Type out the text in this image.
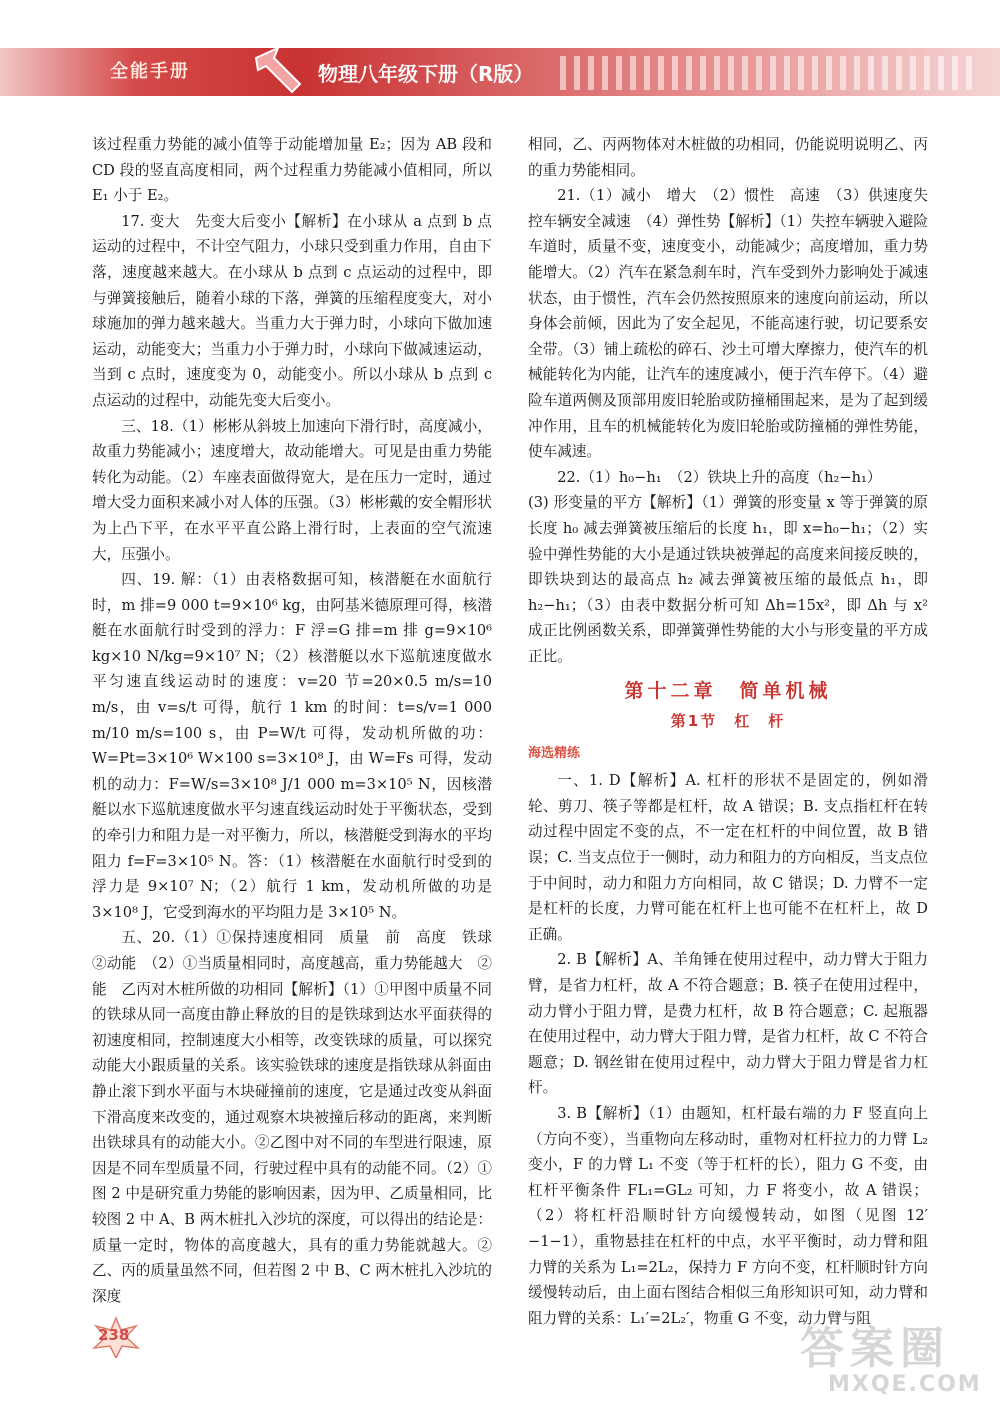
全能手册	物理八年级下册（R版）

该过程重力势能的减小值等于动能增加量 E₂；因为 AB 段和 CD 段的竖直高度相同，两个过程重力势能减小值相同，所以 E₁ 小于 E₂。

17. 变大　先变大后变小【解析】在小球从 a 点到 b 点运动的过程中，不计空气阻力，小球只受到重力作用，自由下落，速度越来越大。在小球从 b 点到 c 点运动的过程中，即与弹簧接触后，随着小球的下落，弹簧的压缩程度变大，对小球施加的弹力越来越大。当重力大于弹力时，小球向下做加速运动，动能变大；当重力小于弹力时，小球向下做减速运动，当到 c 点时，速度变为 0，动能变小。所以小球从 b 点到 c 点运动的过程中，动能先变大后变小。

三、18.（1）彬彬从斜坡上加速向下滑行时，高度减小，故重力势能减小；速度增大，故动能增大。可见是由重力势能转化为动能。（2）车座表面做得宽大，是在压力一定时，通过增大受力面积来减小对人体的压强。（3）彬彬戴的安全帽形状为上凸下平，在水平平直公路上滑行时，上表面的空气流速大，压强小。

四、19. 解：（1）由表格数据可知，核潜艇在水面航行时，m 排=9 000 t=9×10⁶ kg，由阿基米德原理可得，核潜艇在水面航行时受到的浮力：F 浮=G 排=m 排 g=9×10⁶ kg×10 N/kg=9×10⁷ N；（2）核潜艇以水下巡航速度做水平匀速直线运动时的速度：v=20 节=20×0.5 m/s=10 m/s，由 v=s/t 可得，航行 1 km 的时间：t=s/v=1 000 m/10 m/s=100 s，由 P=W/t 可得，发动机所做的功：W=Pt=3×10⁶ W×100 s=3×10⁸ J，由 W=Fs 可得，发动机的动力：F=W/s=3×10⁸ J/1 000 m=3×10⁵ N，因核潜艇以水下巡航速度做水平匀速直线运动时处于平衡状态，受到的牵引力和阻力是一对平衡力，所以，核潜艇受到海水的平均阻力 f=F=3×10⁵ N。答：（1）核潜艇在水面航行时受到的浮力是 9×10⁷ N；（2）航行 1 km，发动机所做的功是 3×10⁸ J，它受到海水的平均阻力是 3×10⁵ N。

五、20.（1）①保持速度相同　质量　前　高度　铁球　②动能　（2）①当质量相同时，高度越高，重力势能越大　②能　乙丙对木桩所做的功相同【解析】（1）①甲图中质量不同的铁球从同一高度由静止释放的目的是铁球到达水平面获得的初速度相同，控制速度大小相等，改变铁球的质量，可以探究动能大小跟质量的关系。该实验铁球的速度是指铁球从斜面由静止滚下到水平面与木块碰撞前的速度，它是通过改变从斜面下滑高度来改变的，通过观察木块被撞后移动的距离，来判断出铁球具有的动能大小。②乙图中对不同的车型进行限速，原因是不同车型质量不同，行驶过程中具有的动能不同。（2）①图 2 中是研究重力势能的影响因素，因为甲、乙质量相同，比较图 2 中 A、B 两木桩扎入沙坑的深度，可以得出的结论是：质量一定时，物体的高度越大，具有的重力势能就越大。②乙、丙的质量虽然不同，但若图 2 中 B、C 两木桩扎入沙坑的深度

相同，乙、丙两物体对木桩做的功相同，仍能说明说明乙、丙的重力势能相同。

21.（1）减小　增大　（2）惯性　高速　（3）供速度失控车辆安全减速　（4）弹性势【解析】（1）失控车辆驶入避险车道时，质量不变，速度变小，动能减少；高度增加，重力势能增大。（2）汽车在紧急刹车时，汽车受到外力影响处于减速状态，由于惯性，汽车会仍然按照原来的速度向前运动，所以身体会前倾，因此为了安全起见，不能高速行驶，切记要系安全带。（3）铺上疏松的碎石、沙土可增大摩擦力，使汽车的机械能转化为内能，让汽车的速度减小，便于汽车停下。（4）避险车道两侧及顶部用废旧轮胎或防撞桶围起来，是为了起到缓冲作用，且车的机械能转化为废旧轮胎或防撞桶的弹性势能，使车减速。

22.（1）h₀−h₁　（2）铁块上升的高度（h₂−h₁）

(3) 形变量的平方【解析】（1）弹簧的形变量 x 等于弹簧的原长度 h₀ 减去弹簧被压缩后的长度 h₁，即 x=h₀−h₁；（2）实验中弹性势能的大小是通过铁块被弹起的高度来间接反映的，即铁块到达的最高点 h₂ 减去弹簧被压缩的最低点 h₁，即 h₂−h₁；（3）由表中数据分析可知 Δh=15x²，即 Δh 与 x² 成正比例函数关系，即弹簧弹性势能的大小与形变量的平方成正比。

第十二章　简单机械
第1节　杠　杆
海选精练

一、1. D【解析】A. 杠杆的形状不是固定的，例如滑轮、剪刀、筷子等都是杠杆，故 A 错误；B. 支点指杠杆在转动过程中固定不变的点，不一定在杠杆的中间位置，故 B 错误；C. 当支点位于一侧时，动力和阻力的方向相反，当支点位于中间时，动力和阻力方向相同，故 C 错误；D. 力臂不一定是杠杆的长度，力臂可能在杠杆上也可能不在杠杆上，故 D 正确。

2. B【解析】A、羊角锤在使用过程中，动力臂大于阻力臂，是省力杠杆，故 A 不符合题意；B. 筷子在使用过程中，动力臂小于阻力臂，是费力杠杆，故 B 符合题意；C. 起瓶器在使用过程中，动力臂大于阻力臂，是省力杠杆，故 C 不符合题意；D. 钢丝钳在使用过程中，动力臂大于阻力臂是省力杠杆。

3. B【解析】（1）由题知，杠杆最右端的力 F 竖直向上（方向不变），当重物向左移动时，重物对杠杆拉力的力臂 L₂ 变小，F 的力臂 L₁ 不变（等于杠杆的长），阻力 G 不变，由杠杆平衡条件 FL₁=GL₂ 可知，力 F 将变小，故 A 错误；（2）将杠杆沿顺时针方向缓慢转动，如图（见图 12′−1−1），重物悬挂在杠杆的中点，水平平衡时，动力臂和阻力臂的关系为 L₁=2L₂，保持力 F 方向不变，杠杆顺时针方向缓慢转动后，由上面右图结合相似三角形知识可知，动力臂和阻力臂的关系：L₁′=2L₂′，物重 G 不变，动力臂与阻

238	答案圈
MXQE.COM
